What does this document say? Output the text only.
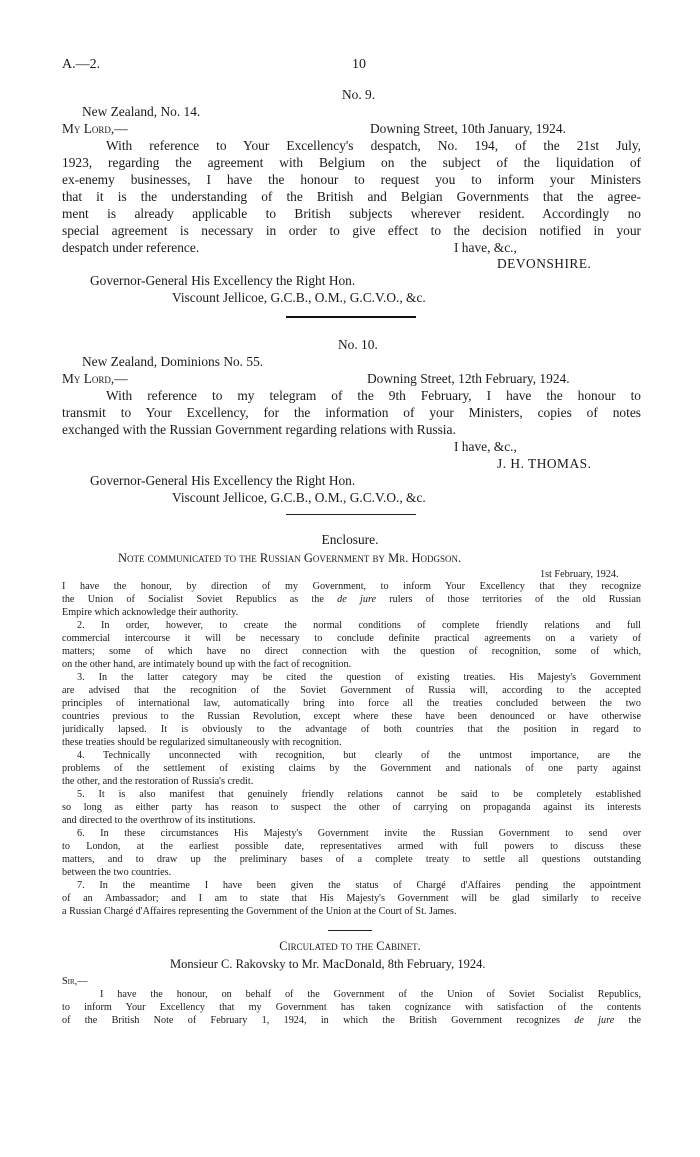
A.—2.	10
No. 9.
New Zealand, No. 14.
My Lord,—	Downing Street, 10th January, 1924.
With reference to Your Excellency's despatch, No. 194, of the 21st July,
1923, regarding the agreement with Belgium on the subject of the liquidation of
ex-enemy businesses, I have the honour to request you to inform your Ministers
that it is the understanding of the British and Belgian Governments that the agree-
ment is already applicable to British subjects wherever resident. Accordingly no
special agreement is necessary in order to give effect to the decision notified in your
despatch under reference.	I have, &c.,
DEVONSHIRE.
Governor-General His Excellency the Right Hon.
Viscount Jellicoe, G.C.B., O.M., G.C.V.O., &c.
No. 10.
New Zealand, Dominions No. 55.
My Lord,—	Downing Street, 12th February, 1924.
With reference to my telegram of the 9th February, I have the honour to
transmit to Your Excellency, for the information of your Ministers, copies of notes
exchanged with the Russian Government regarding relations with Russia.
I have, &c.,
J. H. THOMAS.
Governor-General His Excellency the Right Hon.
Viscount Jellicoe, G.C.B., O.M., G.C.V.O., &c.
Enclosure.
Note communicated to the Russian Government by Mr. Hodgson.
1st February, 1924.
I have the honour, by direction of my Government, to inform Your Excellency that they recognize
the Union of Socialist Soviet Republics as the de jure rulers of those territories of the old Russian
Empire which acknowledge their authority.
2. In order, however, to create the normal conditions of complete friendly relations and full
commercial intercourse it will be necessary to conclude definite practical agreements on a variety of
matters; some of which have no direct connection with the question of recognition, some of which,
on the other hand, are intimately bound up with the fact of recognition.
3. In the latter category may be cited the question of existing treaties. His Majesty's Government
are advised that the recognition of the Soviet Government of Russia will, according to the accepted
principles of international law, automatically bring into force all the treaties concluded between the two
countries previous to the Russian Revolution, except where these have been denounced or have otherwise
juridically lapsed. It is obviously to the advantage of both countries that the position in regard to
these treaties should be regularized simultaneously with recognition.
4. Technically unconnected with recognition, but clearly of the untmost importance, are the
problems of the settlement of existing claims by the Government and nationals of one party against
the other, and the restoration of Russia's credit.
5. It is also manifest that genuinely friendly relations cannot be said to be completely established
so long as either party has reason to suspect the other of carrying on propaganda against its interests
and directed to the overthrow of its institutions.
6. In these circumstances His Majesty's Government invite the Russian Government to send over
to London, at the earliest possible date, representatives armed with full powers to discuss these
matters, and to draw up the preliminary bases of a complete treaty to settle all questions outstanding
between the two countries.
7. In the meantime I have been given the status of Chargé d'Affaires pending the appointment
of an Ambassador; and I am to state that His Majesty's Government will be glad similarly to receive
a Russian Chargé d'Affaires representing the Government of the Union at the Court of St. James.
Circulated to the Cabinet.
Monsieur C. Rakovsky to Mr. MacDonald, 8th February, 1924.
Sir,—
I have the honour, on behalf of the Government of the Union of Soviet Socialist Republics,
to inform Your Excellency that my Government has taken cognizance with satisfaction of the contents
of the British Note of February 1, 1924, in which the British Government recognizes de jure the
